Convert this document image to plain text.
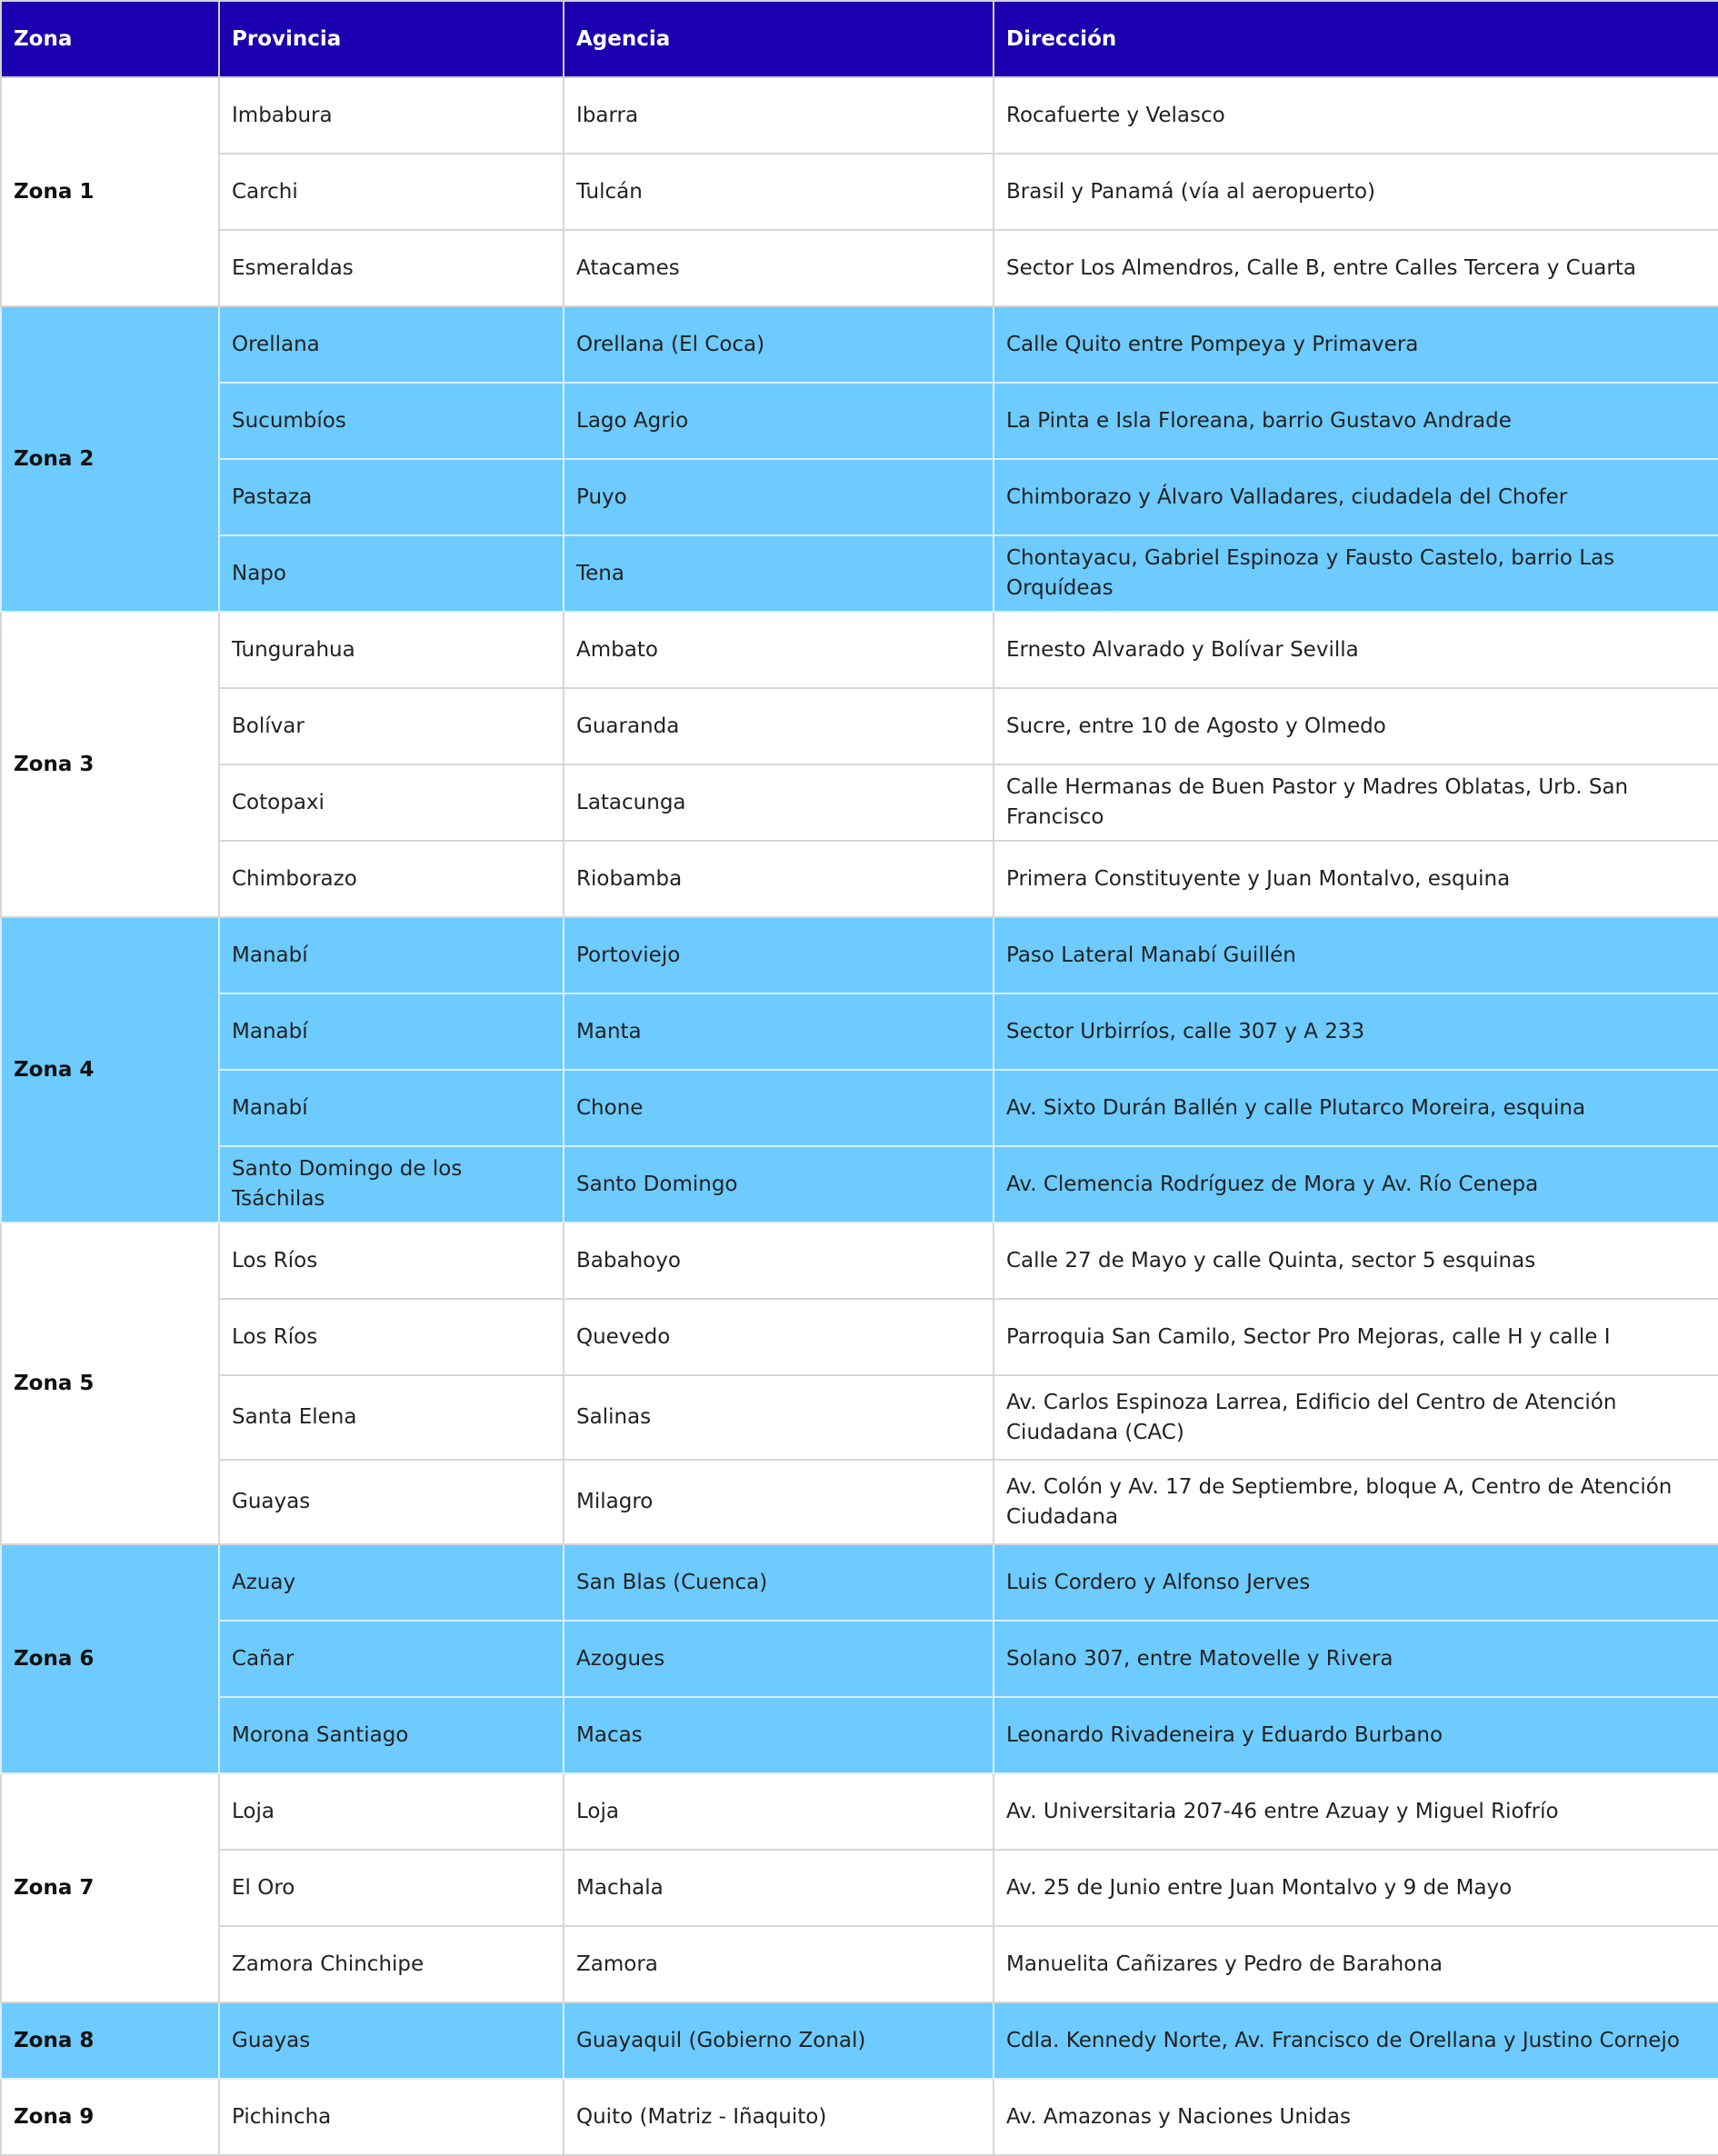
Zona	Provincia	Agencia	Dirección
Zona 1	Imbabura	Ibarra	Rocafuerte y Velasco
	Carchi	Tulcán	Brasil y Panamá (vía al aeropuerto)
	Esmeraldas	Atacames	Sector Los Almendros, Calle B, entre Calles Tercera y Cuarta
Zona 2	Orellana	Orellana (El Coca)	Calle Quito entre Pompeya y Primavera
	Sucumbíos	Lago Agrio	La Pinta e Isla Floreana, barrio Gustavo Andrade
	Pastaza	Puyo	Chimborazo y Álvaro Valladares, ciudadela del Chofer
	Napo	Tena	Chontayacu, Gabriel Espinoza y Fausto Castelo, barrio Las Orquídeas
Zona 3	Tungurahua	Ambato	Ernesto Alvarado y Bolívar Sevilla
	Bolívar	Guaranda	Sucre, entre 10 de Agosto y Olmedo
	Cotopaxi	Latacunga	Calle Hermanas de Buen Pastor y Madres Oblatas, Urb. San Francisco
	Chimborazo	Riobamba	Primera Constituyente y Juan Montalvo, esquina
Zona 4	Manabí	Portoviejo	Paso Lateral Manabí Guillén
	Manabí	Manta	Sector Urbirríos, calle 307 y A 233
	Manabí	Chone	Av. Sixto Durán Ballén y calle Plutarco Moreira, esquina
	Santo Domingo de los Tsáchilas	Santo Domingo	Av. Clemencia Rodríguez de Mora y Av. Río Cenepa
Zona 5	Los Ríos	Babahoyo	Calle 27 de Mayo y calle Quinta, sector 5 esquinas
	Los Ríos	Quevedo	Parroquia San Camilo, Sector Pro Mejoras, calle H y calle I
	Santa Elena	Salinas	Av. Carlos Espinoza Larrea, Edificio del Centro de Atención Ciudadana (CAC)
	Guayas	Milagro	Av. Colón y Av. 17 de Septiembre, bloque A, Centro de Atención Ciudadana
Zona 6	Azuay	San Blas (Cuenca)	Luis Cordero y Alfonso Jerves
	Cañar	Azogues	Solano 307, entre Matovelle y Rivera
	Morona Santiago	Macas	Leonardo Rivadeneira y Eduardo Burbano
Zona 7	Loja	Loja	Av. Universitaria 207-46 entre Azuay y Miguel Riofrío
	El Oro	Machala	Av. 25 de Junio entre Juan Montalvo y 9 de Mayo
	Zamora Chinchipe	Zamora	Manuelita Cañizares y Pedro de Barahona
Zona 8	Guayas	Guayaquil (Gobierno Zonal)	Cdla. Kennedy Norte, Av. Francisco de Orellana y Justino Cornejo
Zona 9	Pichincha	Quito (Matriz - Iñaquito)	Av. Amazonas y Naciones Unidas
